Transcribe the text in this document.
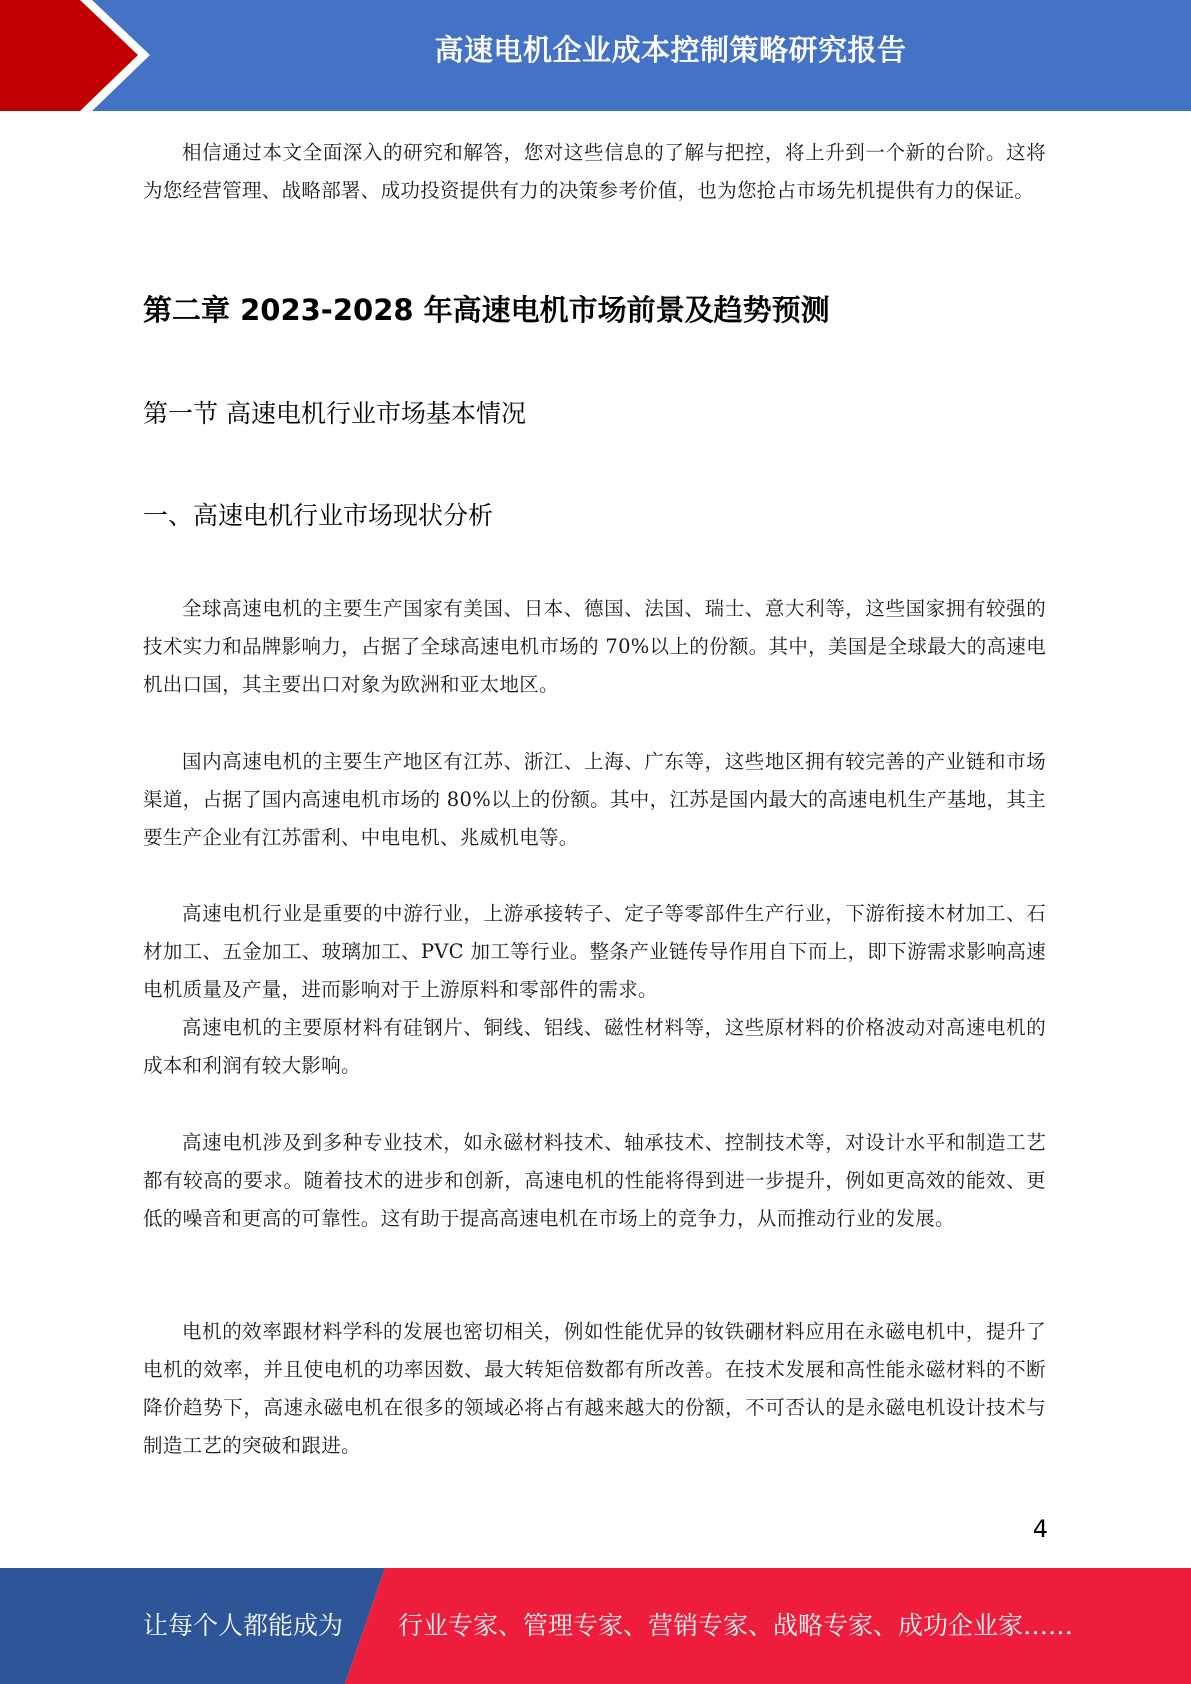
高速电机企业成本控制策略研究报告

相信通过本文全面深入的研究和解答，您对这些信息的了解与把控，将上升到一个新的台阶。这将为您经营管理、战略部署、成功投资提供有力的决策参考价值，也为您抢占市场先机提供有力的保证。

第二章 2023-2028 年高速电机市场前景及趋势预测
第一节 高速电机行业市场基本情况
一、高速电机行业市场现状分析

全球高速电机的主要生产国家有美国、日本、德国、法国、瑞士、意大利等，这些国家拥有较强的技术实力和品牌影响力，占据了全球高速电机市场的 70%以上的份额。其中，美国是全球最大的高速电机出口国，其主要出口对象为欧洲和亚太地区。

国内高速电机的主要生产地区有江苏、浙江、上海、广东等，这些地区拥有较完善的产业链和市场渠道，占据了国内高速电机市场的 80%以上的份额。其中，江苏是国内最大的高速电机生产基地，其主要生产企业有江苏雷利、中电电机、兆威机电等。

高速电机行业是重要的中游行业，上游承接转子、定子等零部件生产行业，下游衔接木材加工、石材加工、五金加工、玻璃加工、PVC 加工等行业。整条产业链传导作用自下而上，即下游需求影响高速电机质量及产量，进而影响对于上游原料和零部件的需求。

高速电机的主要原材料有硅钢片、铜线、铝线、磁性材料等，这些原材料的价格波动对高速电机的成本和利润有较大影响。

高速电机涉及到多种专业技术，如永磁材料技术、轴承技术、控制技术等，对设计水平和制造工艺都有较高的要求。随着技术的进步和创新，高速电机的性能将得到进一步提升，例如更高效的能效、更低的噪音和更高的可靠性。这有助于提高高速电机在市场上的竞争力，从而推动行业的发展。

电机的效率跟材料学科的发展也密切相关，例如性能优异的钕铁硼材料应用在永磁电机中，提升了电机的效率，并且使电机的功率因数、最大转矩倍数都有所改善。在技术发展和高性能永磁材料的不断降价趋势下，高速永磁电机在很多的领域必将占有越来越大的份额，不可否认的是永磁电机设计技术与制造工艺的突破和跟进。

4
让每个人都能成为 行业专家、管理专家、营销专家、战略专家、成功企业家……
